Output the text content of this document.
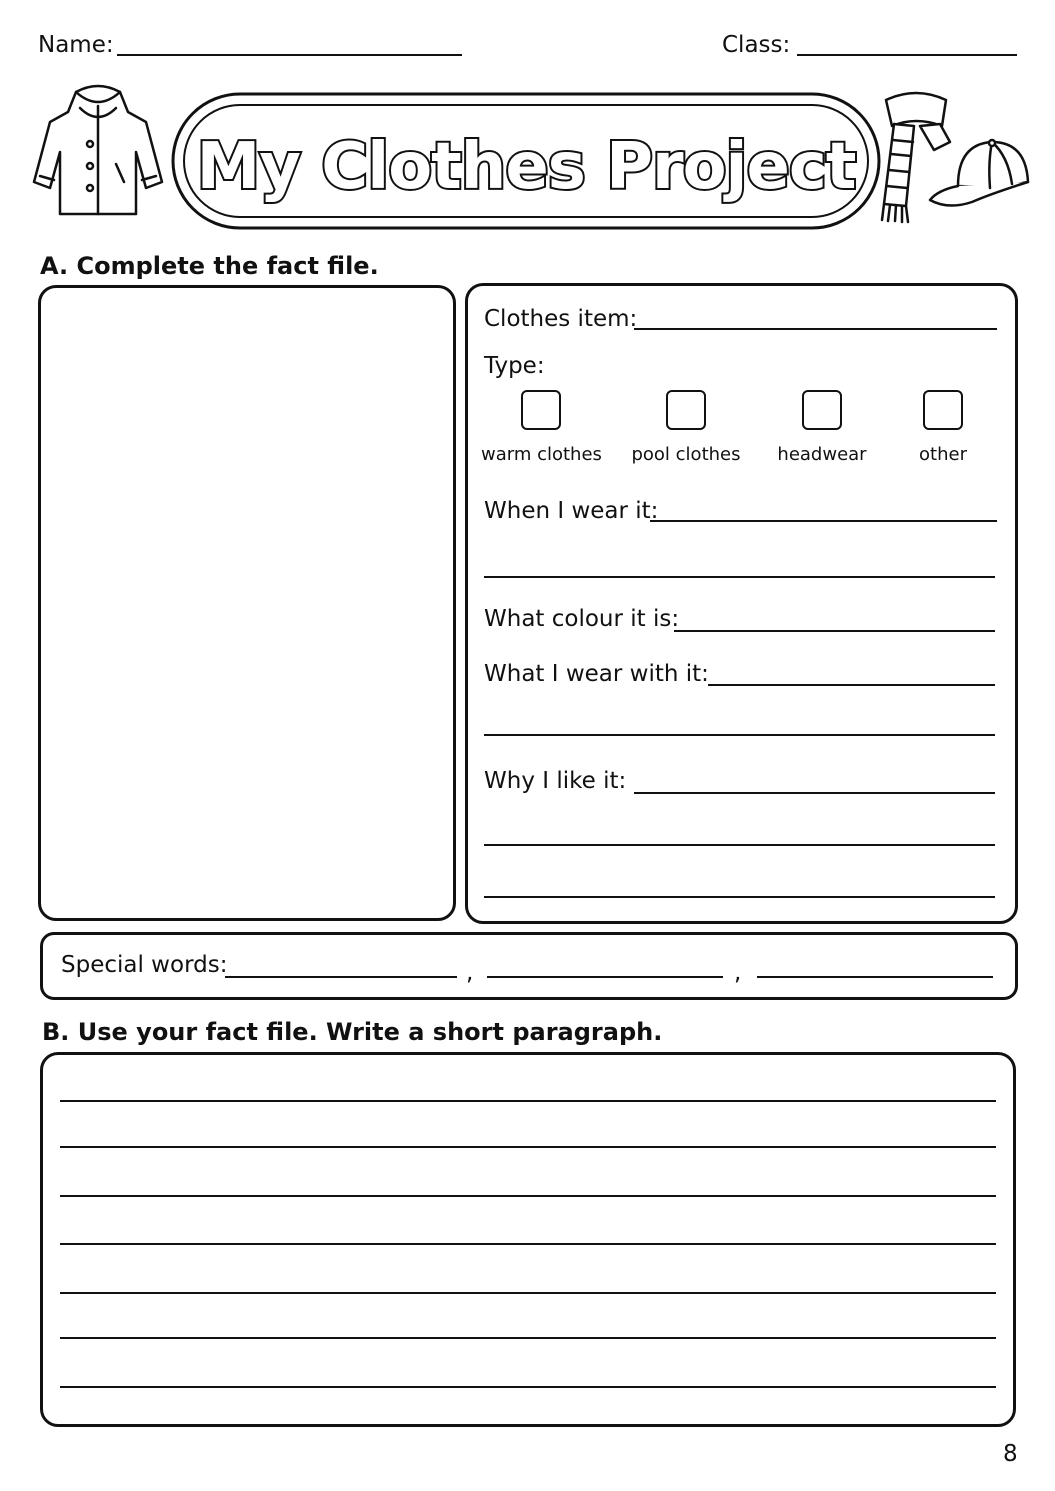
Name:	Class:
My Clothes Project
A. Complete the fact file.
Clothes item:
Type:
warm clothes	pool clothes	headwear	other
When I wear it:
What colour it is:
What I wear with it:
Why I like it:
Special words:	,	,
B. Use your fact file. Write a short paragraph.
8
